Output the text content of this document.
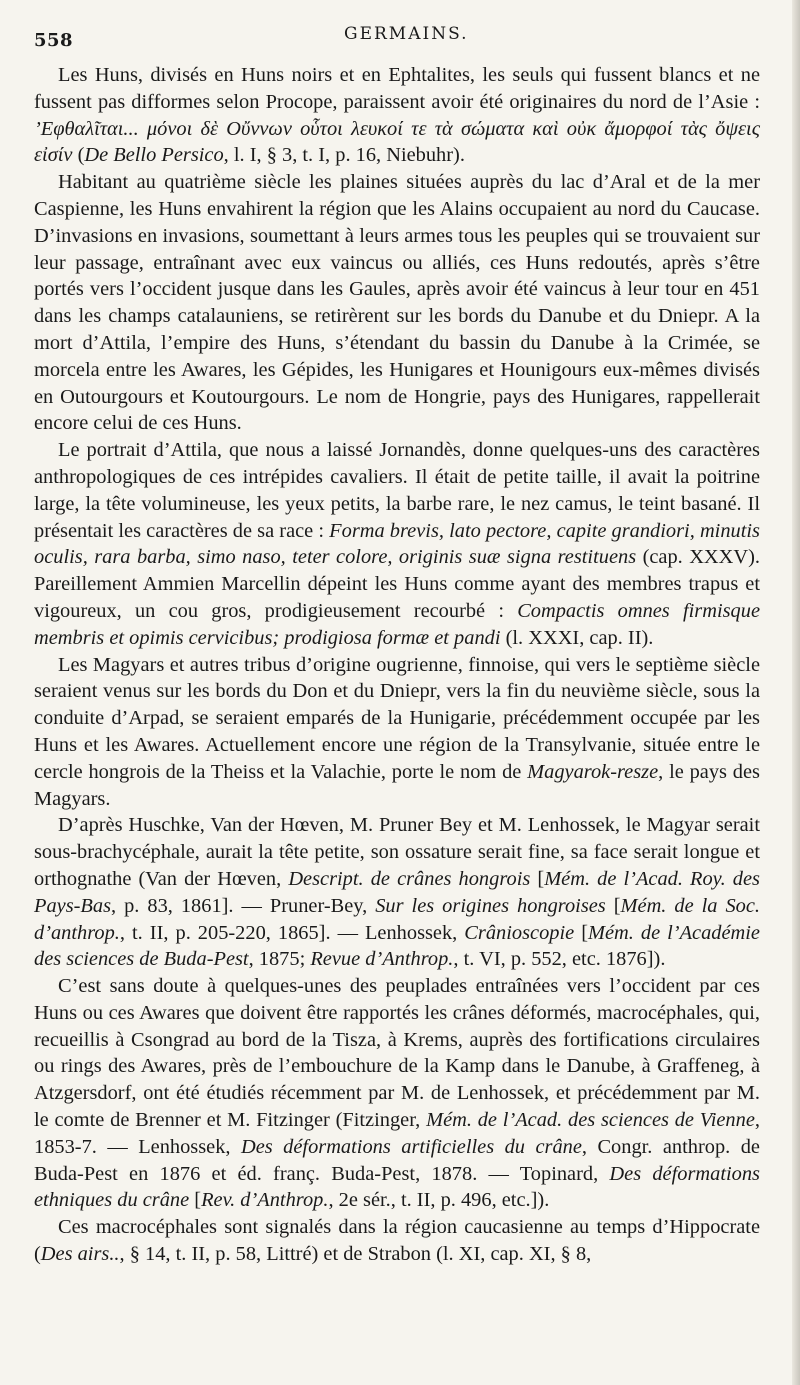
558	GERMAINS.

Les Huns, divisés en Huns noirs et en Ephtalites, les seuls qui fussent blancs et ne fussent pas difformes selon Procope, paraissent avoir été originaires du nord de l’Asie : ’Εφθαλῖται... μόνοι δὲ Οὔννων οὗτοι λευκοί τε τὰ σώματα καὶ οὐκ ἄμορφοί τὰς ὄψεις εἰσίν (De Bello Persico, l. I, § 3, t. I, p. 16, Niebuhr).

Habitant au quatrième siècle les plaines situées auprès du lac d’Aral et de la mer Caspienne, les Huns envahirent la région que les Alains occupaient au nord du Caucase. D’invasions en invasions, soumettant à leurs armes tous les peuples qui se trouvaient sur leur passage, entraînant avec eux vaincus ou alliés, ces Huns redoutés, après s’être portés vers l’occident jusque dans les Gaules, après avoir été vaincus à leur tour en 451 dans les champs catalauniens, se retirèrent sur les bords du Danube et du Dniepr. A la mort d’Attila, l’empire des Huns, s’étendant du bassin du Danube à la Crimée, se morcela entre les Awares, les Gépides, les Hunigares et Hounigours eux-mêmes divisés en Outourgours et Koutourgours. Le nom de Hongrie, pays des Hunigares, rappellerait encore celui de ces Huns.

Le portrait d’Attila, que nous a laissé Jornandès, donne quelques-uns des caractères anthropologiques de ces intrépides cavaliers. Il était de petite taille, il avait la poitrine large, la tête volumineuse, les yeux petits, la barbe rare, le nez camus, le teint basané. Il présentait les caractères de sa race : Forma brevis, lato pectore, capite grandiori, minutis oculis, rara barba, simo naso, teter colore, originis suæ signa restituens (cap. XXXV). Pareillement Ammien Marcellin dépeint les Huns comme ayant des membres trapus et vigoureux, un cou gros, prodigieusement recourbé : Compactis omnes firmisque membris et opimis cervicibus; prodigiosa formæ et pandi (l. XXXI, cap. II).

Les Magyars et autres tribus d’origine ougrienne, finnoise, qui vers le septième siècle seraient venus sur les bords du Don et du Dniepr, vers la fin du neuvième siècle, sous la conduite d’Arpad, se seraient emparés de la Hunigarie, précédemment occupée par les Huns et les Awares. Actuellement encore une région de la Transylvanie, située entre le cercle hongrois de la Theiss et la Valachie, porte le nom de Magyarok-resze, le pays des Magyars.

D’après Huschke, Van der Hœven, M. Pruner Bey et M. Lenhossek, le Magyar serait sous-brachycéphale, aurait la tête petite, son ossature serait fine, sa face serait longue et orthognathe (Van der Hœven, Descript. de crânes hongrois [Mém. de l’Acad. Roy. des Pays-Bas, p. 83, 1861]. — Pruner-Bey, Sur les origines hongroises [Mém. de la Soc. d’anthrop., t. II, p. 205-220, 1865]. — Lenhossek, Crânioscopie [Mém. de l’Académie des sciences de Buda-Pest, 1875; Revue d’Anthrop., t. VI, p. 552, etc. 1876]).

C’est sans doute à quelques-unes des peuplades entraînées vers l’occident par ces Huns ou ces Awares que doivent être rapportés les crânes déformés, macrocéphales, qui, recueillis à Csongrad au bord de la Tisza, à Krems, auprès des fortifications circulaires ou rings des Awares, près de l’embouchure de la Kamp dans le Danube, à Graffeneg, à Atzgersdorf, ont été étudiés récemment par M. de Lenhossek, et précédemment par M. le comte de Brenner et M. Fitzinger (Fitzinger, Mém. de l’Acad. des sciences de Vienne, 1853-7. — Lenhossek, Des déformations artificielles du crâne, Congr. anthrop. de Buda-Pest en 1876 et éd. franç. Buda-Pest, 1878. — Topinard, Des déformations ethniques du crâne [Rev. d’Anthrop., 2e sér., t. II, p. 496, etc.]).

Ces macrocéphales sont signalés dans la région caucasienne au temps d’Hippocrate (Des airs.., § 14, t. II, p. 58, Littré) et de Strabon (l. XI, cap. XI, § 8,
